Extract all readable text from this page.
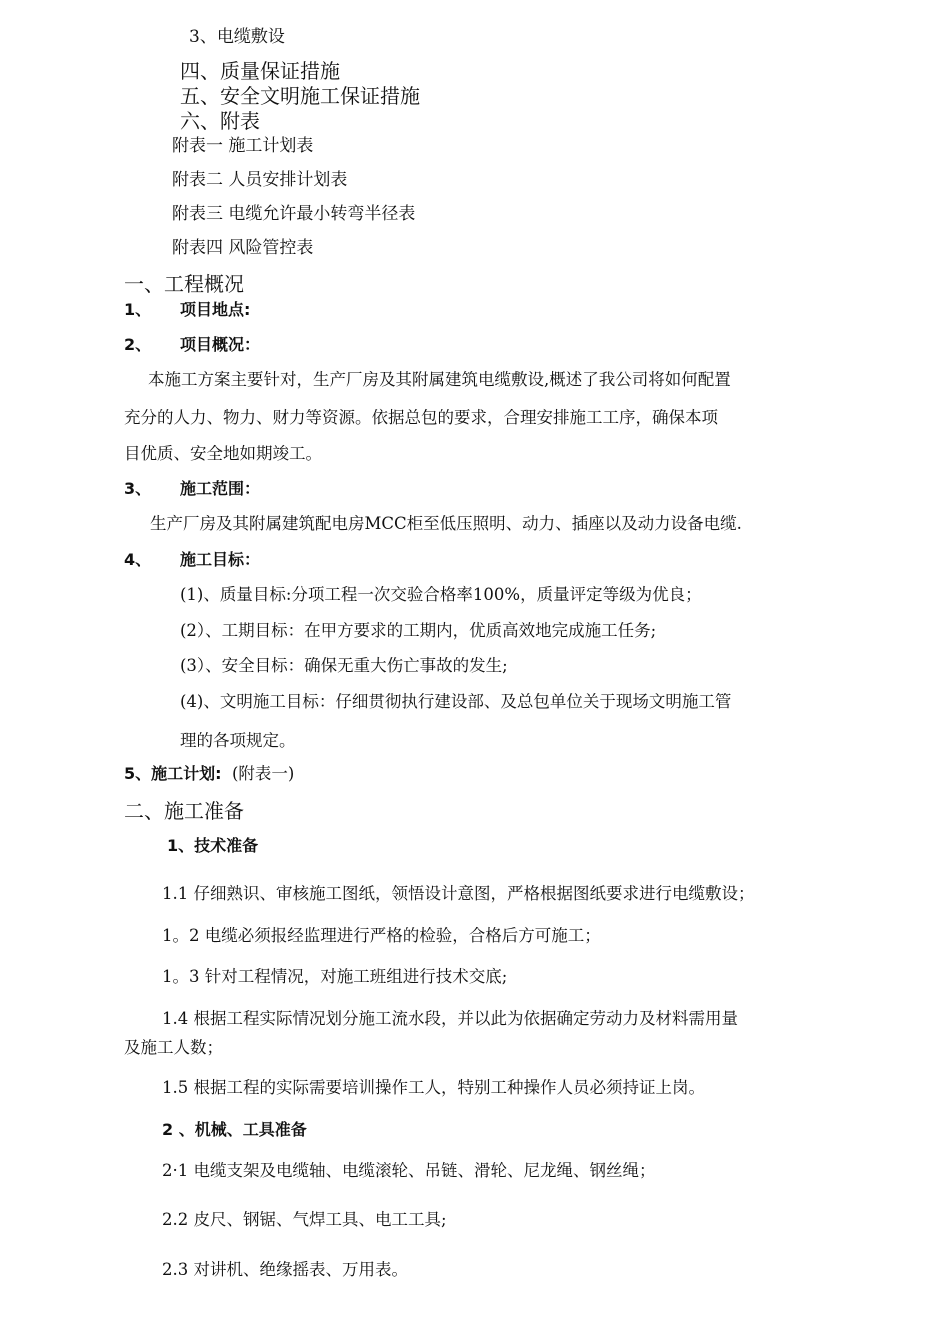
3、电缆敷设
四、质量保证措施
五、安全文明施工保证措施
六、附表
附表一 施工计划表
附表二 人员安排计划表
附表三 电缆允许最小转弯半径表
附表四 风险管控表
一、工程概况
1、 项目地点:
2、 项目概况：
本施工方案主要针对，生产厂房及其附属建筑电缆敷设,概述了我公司将如何配置
充分的人力、物力、财力等资源。依据总包的要求，合理安排施工工序，确保本项
目优质、安全地如期竣工。
3、 施工范围：
生产厂房及其附属建筑配电房MCC柜至低压照明、动力、插座以及动力设备电缆.
4、 施工目标：
(1)、质量目标:分项工程一次交验合格率100%，质量评定等级为优良；
(2）、工期目标：在甲方要求的工期内，优质高效地完成施工任务;
(3）、安全目标：确保无重大伤亡事故的发生;
(4)、文明施工目标：仔细贯彻执行建设部、及总包单位关于现场文明施工管
理的各项规定。
5、施工计划: (附表一)
二、施工准备
1、技术准备
1.1 仔细熟识、审核施工图纸，领悟设计意图，严格根据图纸要求进行电缆敷设；
1。2 电缆必须报经监理进行严格的检验，合格后方可施工；
1。3 针对工程情况，对施工班组进行技术交底;
1.4 根据工程实际情况划分施工流水段，并以此为依据确定劳动力及材料需用量
及施工人数；
1.5 根据工程的实际需要培训操作工人，特别工种操作人员必须持证上岗。
2 、机械、工具准备
2·1 电缆支架及电缆轴、电缆滚轮、吊链、滑轮、尼龙绳、钢丝绳；
2.2 皮尺、钢锯、气焊工具、电工工具;
2.3 对讲机、绝缘摇表、万用表。
